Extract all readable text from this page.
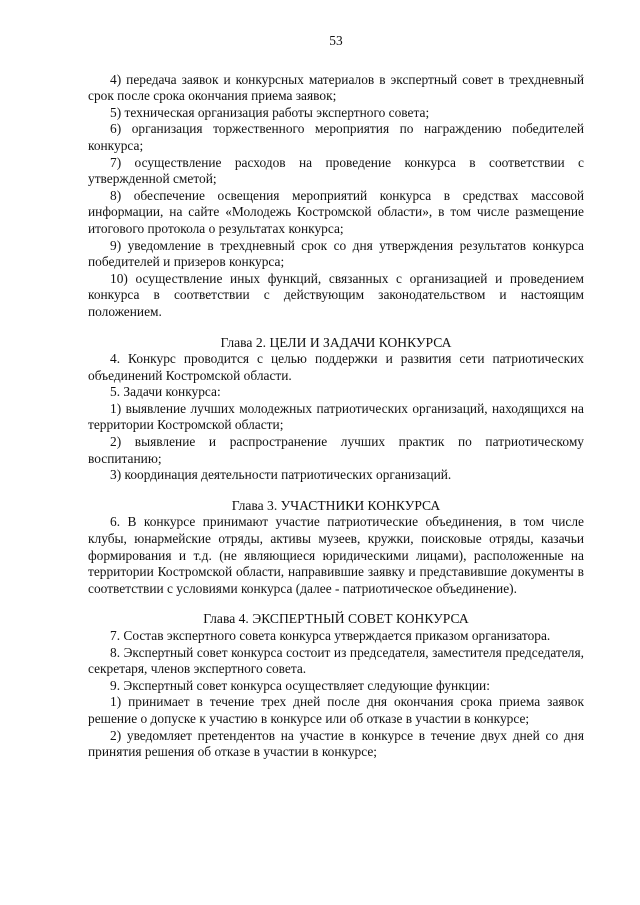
53

4) передача заявок и конкурсных материалов в экспертный совет в трехдневный срок после срока окончания приема заявок;

5) техническая организация работы экспертного совета;

6) организация торжественного мероприятия по награждению победителей конкурса;

7) осуществление расходов на проведение конкурса в соответствии с утвержденной сметой;

8) обеспечение освещения мероприятий конкурса в средствах массовой информации, на сайте «Молодежь Костромской области», в том числе размещение итогового протокола о результатах конкурса;

9) уведомление в трехдневный срок со дня утверждения результатов конкурса победителей и призеров конкурса;

10) осуществление иных функций, связанных с организацией и проведением конкурса в соответствии с действующим законодательством и настоящим положением.

Глава 2. ЦЕЛИ И ЗАДАЧИ КОНКУРСА

4. Конкурс проводится с целью поддержки и развития сети патриотических объединений Костромской области.

5. Задачи конкурса:

1) выявление лучших молодежных патриотических организаций, находящихся на территории Костромской области;

2) выявление и распространение лучших практик по патриотическому воспитанию;

3) координация деятельности патриотических организаций.

Глава 3. УЧАСТНИКИ КОНКУРСА

6. В конкурсе принимают участие патриотические объединения, в том числе клубы, юнармейские отряды, активы музеев, кружки, поисковые отряды, казачьи формирования и т.д. (не являющиеся юридическими лицами), расположенные на территории Костромской области, направившие заявку и представившие документы в соответствии с условиями конкурса (далее - патриотическое объединение).

Глава 4. ЭКСПЕРТНЫЙ СОВЕТ КОНКУРСА

7. Состав экспертного совета конкурса утверждается приказом организатора.

8. Экспертный совет конкурса состоит из председателя, заместителя председателя, секретаря, членов экспертного совета.

9. Экспертный совет конкурса осуществляет следующие функции:

1) принимает в течение трех дней после дня окончания срока приема заявок решение о допуске к участию в конкурсе или об отказе в участии в конкурсе;

2) уведомляет претендентов на участие в конкурсе в течение двух дней со дня принятия решения об отказе в участии в конкурсе;
